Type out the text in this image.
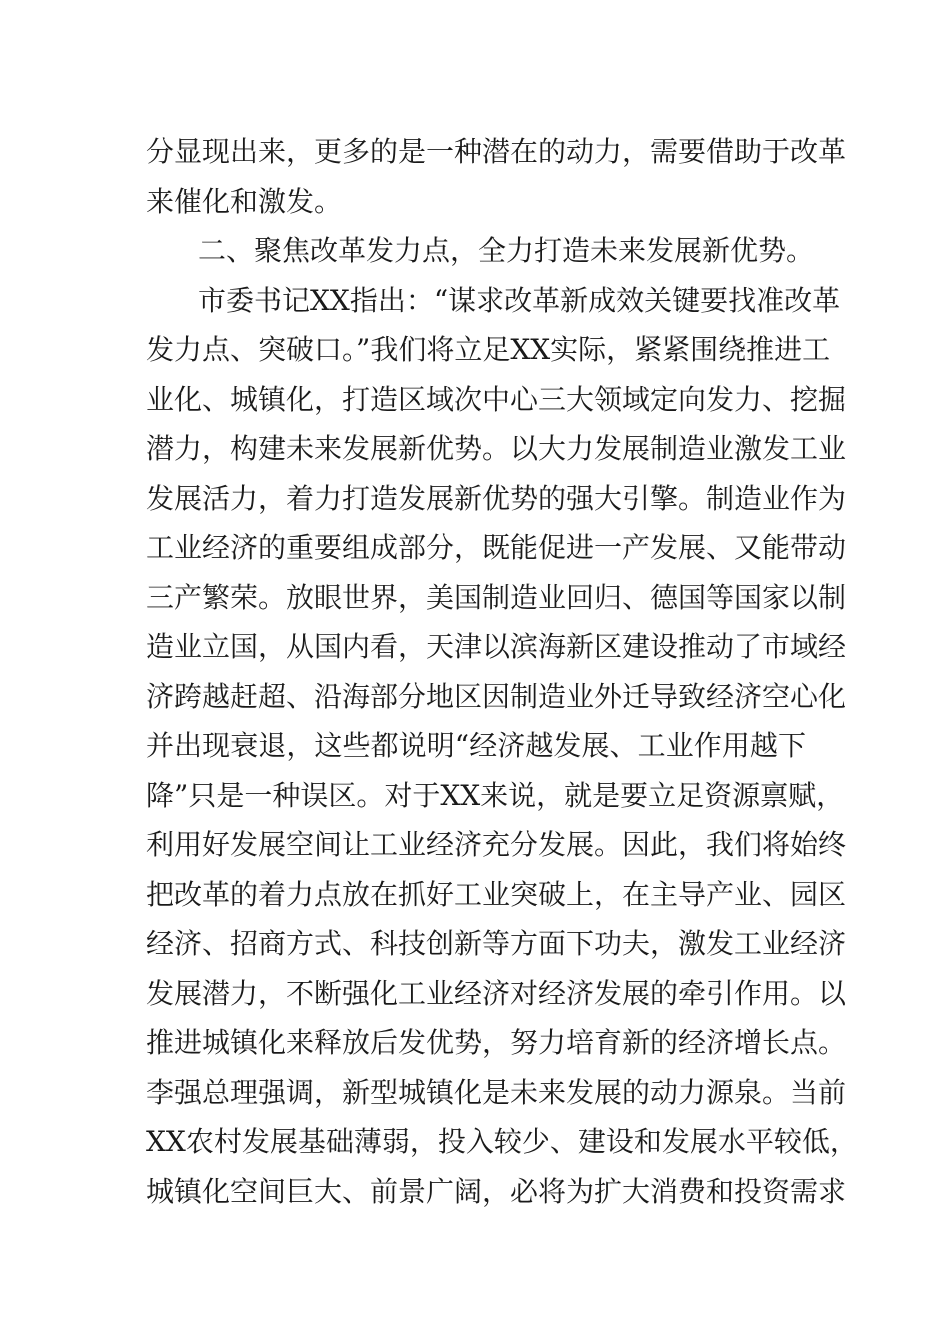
分显现出来，更多的是一种潜在的动力，需要借助于改革
来催化和激发。
二、聚焦改革发力点，全力打造未来发展新优势。
市委书记XX指出：“谋求改革新成效关键要找准改革
发力点、突破口。”我们将立足XX实际，紧紧围绕推进工
业化、城镇化，打造区域次中心三大领域定向发力、挖掘
潜力，构建未来发展新优势。以大力发展制造业激发工业
发展活力，着力打造发展新优势的强大引擎。制造业作为
工业经济的重要组成部分，既能促进一产发展、又能带动
三产繁荣。放眼世界，美国制造业回归、德国等国家以制
造业立国，从国内看，天津以滨海新区建设推动了市域经
济跨越赶超、沿海部分地区因制造业外迁导致经济空心化
并出现衰退，这些都说明“经济越发展、工业作用越下
降”只是一种误区。对于XX来说，就是要立足资源禀赋，
利用好发展空间让工业经济充分发展。因此，我们将始终
把改革的着力点放在抓好工业突破上，在主导产业、园区
经济、招商方式、科技创新等方面下功夫，激发工业经济
发展潜力，不断强化工业经济对经济发展的牵引作用。以
推进城镇化来释放后发优势，努力培育新的经济增长点。
李强总理强调，新型城镇化是未来发展的动力源泉。当前
XX农村发展基础薄弱，投入较少、建设和发展水平较低，
城镇化空间巨大、前景广阔，必将为扩大消费和投资需求
